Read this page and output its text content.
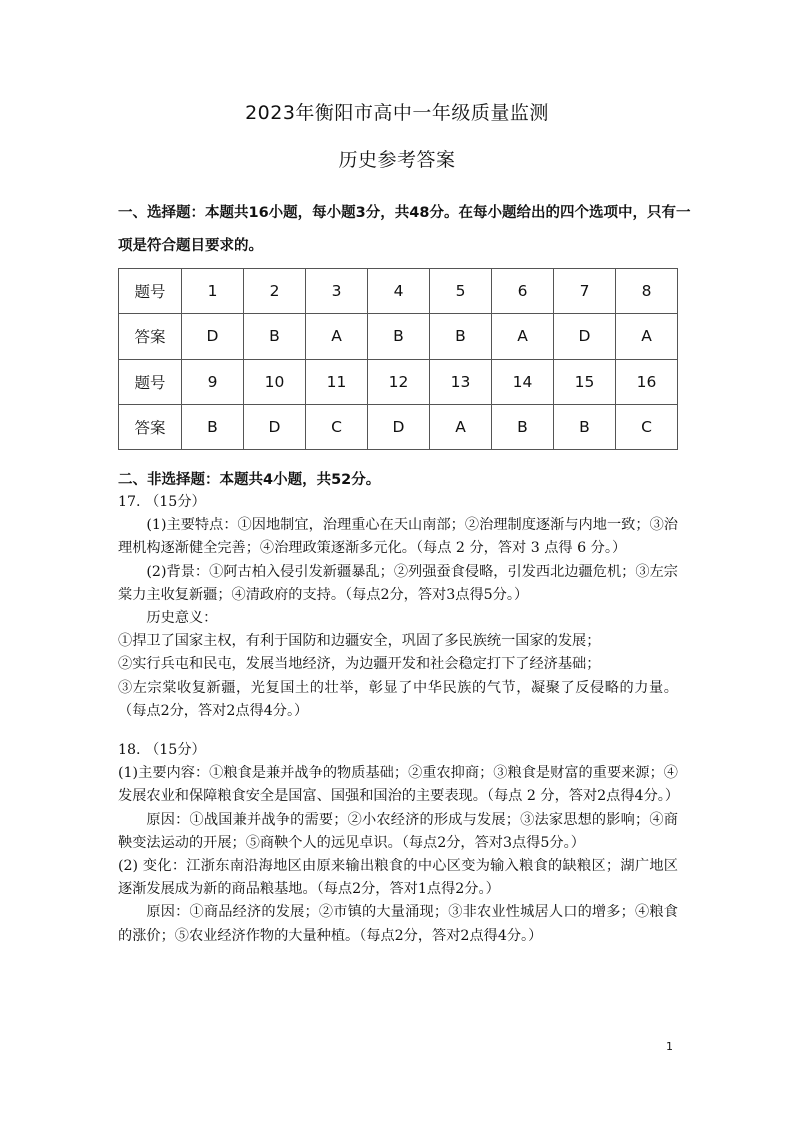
2023年衡阳市高中一年级质量监测
历史参考答案
一、选择题：本题共16小题，每小题3分，共48分。在每小题给出的四个选项中，只有一项是符合题目要求的。
题号	1	2	3	4	5	6	7	8
答案	D	B	A	B	B	A	D	A
题号	9	10	11	12	13	14	15	16
答案	B	D	C	D	A	B	B	C
二、非选择题：本题共4小题，共52分。

17. （15分）

(1)主要特点：①因地制宜，治理重心在天山南部；②治理制度逐渐与内地一致；③治理机构逐渐健全完善；④治理政策逐渐多元化。（每点 2 分，答对 3 点得 6 分。）

(2)背景：①阿古柏入侵引发新疆暴乱；②列强蚕食侵略，引发西北边疆危机；③左宗棠力主收复新疆；④清政府的支持。（每点2分，答对3点得5分。）

历史意义：

①捍卫了国家主权，有利于国防和边疆安全，巩固了多民族统一国家的发展；

②实行兵屯和民屯，发展当地经济，为边疆开发和社会稳定打下了经济基础；

③左宗棠收复新疆，光复国土的壮举，彰显了中华民族的气节，凝聚了反侵略的力量。（每点2分，答对2点得4分。）

18. （15分）

(1)主要内容：①粮食是兼并战争的物质基础；②重农抑商；③粮食是财富的重要来源；④发展农业和保障粮食安全是国富、国强和国治的主要表现。（每点 2 分，答对2点得4分。）

原因：①战国兼并战争的需要；②小农经济的形成与发展；③法家思想的影响；④商鞅变法运动的开展；⑤商鞅个人的远见卓识。（每点2分，答对3点得5分。）

(2) 变化：江浙东南沿海地区由原来输出粮食的中心区变为输入粮食的缺粮区；湖广地区逐渐发展成为新的商品粮基地。（每点2分，答对1点得2分。）

原因：①商品经济的发展；②市镇的大量涌现；③非农业性城居人口的增多；④粮食的涨价；⑤农业经济作物的大量种植。（每点2分，答对2点得4分。）

1
